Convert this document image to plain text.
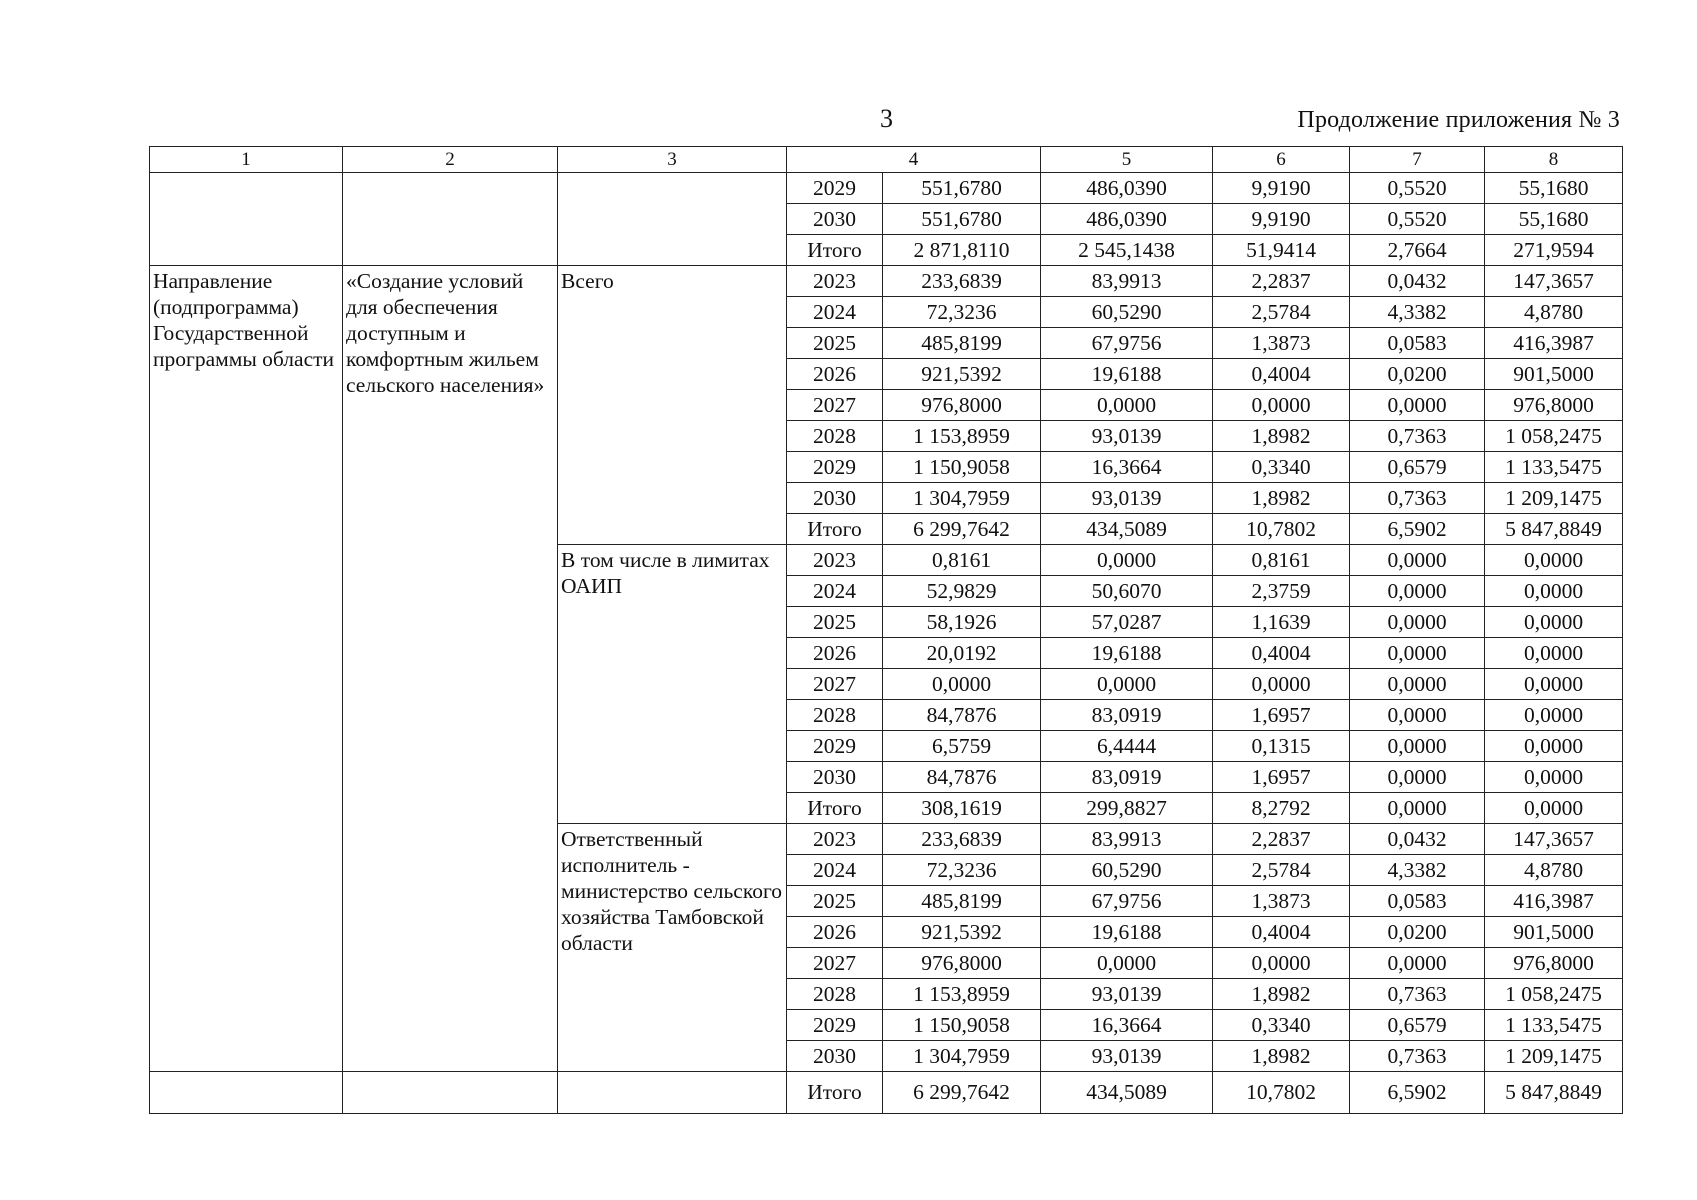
3	Продолжение приложения № 3
1	2	3	4		5	6	7	8
			2029	551,6780	486,0390	9,9190	0,5520	55,1680
			2030	551,6780	486,0390	9,9190	0,5520	55,1680
			Итого	2 871,8110	2 545,1438	51,9414	2,7664	271,9594
Направление (подпрограмма) Государственной программы области	«Создание условий для обеспечения доступным и комфортным жильем сельского населения»	Всего	2023	233,6839	83,9913	2,2837	0,0432	147,3657
			2024	72,3236	60,5290	2,5784	4,3382	4,8780
			2025	485,8199	67,9756	1,3873	0,0583	416,3987
			2026	921,5392	19,6188	0,4004	0,0200	901,5000
			2027	976,8000	0,0000	0,0000	0,0000	976,8000
			2028	1 153,8959	93,0139	1,8982	0,7363	1 058,2475
			2029	1 150,9058	16,3664	0,3340	0,6579	1 133,5475
			2030	1 304,7959	93,0139	1,8982	0,7363	1 209,1475
			Итого	6 299,7642	434,5089	10,7802	6,5902	5 847,8849
		В том числе в лимитах ОАИП	2023	0,8161	0,0000	0,8161	0,0000	0,0000
			2024	52,9829	50,6070	2,3759	0,0000	0,0000
			2025	58,1926	57,0287	1,1639	0,0000	0,0000
			2026	20,0192	19,6188	0,4004	0,0000	0,0000
			2027	0,0000	0,0000	0,0000	0,0000	0,0000
			2028	84,7876	83,0919	1,6957	0,0000	0,0000
			2029	6,5759	6,4444	0,1315	0,0000	0,0000
			2030	84,7876	83,0919	1,6957	0,0000	0,0000
			Итого	308,1619	299,8827	8,2792	0,0000	0,0000
		Ответственный исполнитель - министерство сельского хозяйства Тамбовской области	2023	233,6839	83,9913	2,2837	0,0432	147,3657
			2024	72,3236	60,5290	2,5784	4,3382	4,8780
			2025	485,8199	67,9756	1,3873	0,0583	416,3987
			2026	921,5392	19,6188	0,4004	0,0200	901,5000
			2027	976,8000	0,0000	0,0000	0,0000	976,8000
			2028	1 153,8959	93,0139	1,8982	0,7363	1 058,2475
			2029	1 150,9058	16,3664	0,3340	0,6579	1 133,5475
			2030	1 304,7959	93,0139	1,8982	0,7363	1 209,1475
			Итого	6 299,7642	434,5089	10,7802	6,5902	5 847,8849
